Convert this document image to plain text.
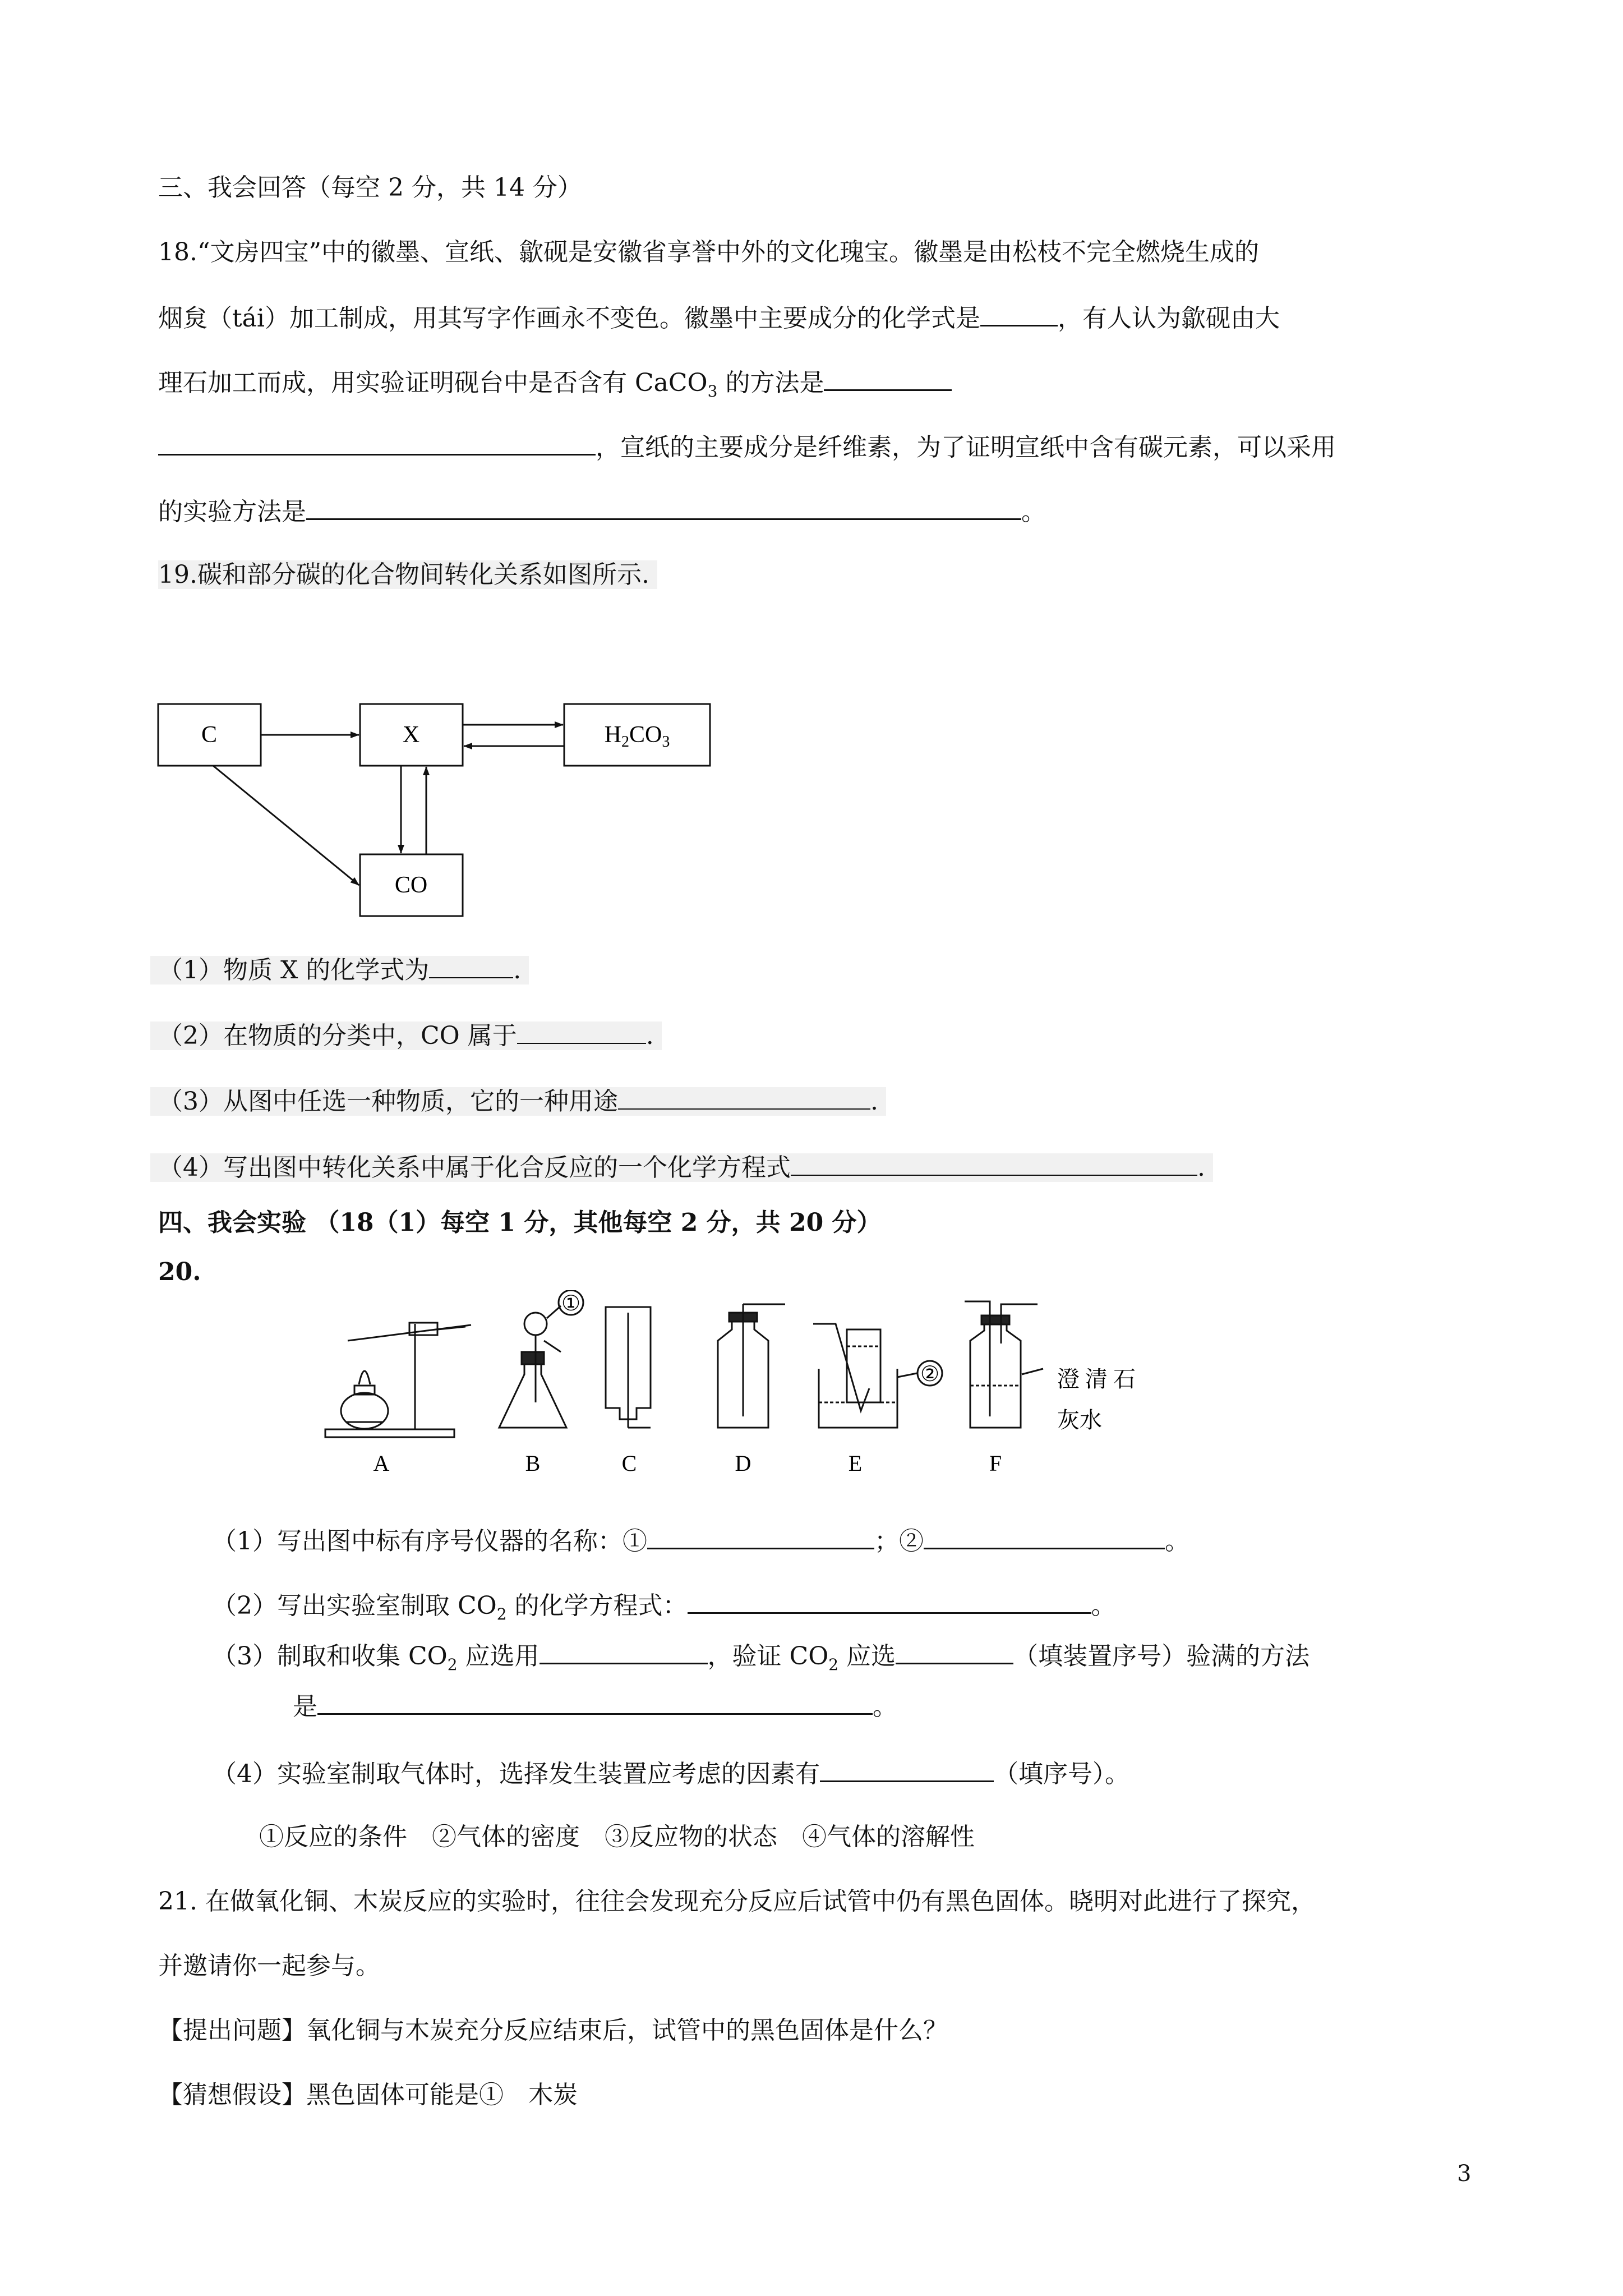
三、我会回答（每空 2 分，共 14 分）
18.“文房四宝”中的徽墨、宣纸、歙砚是安徽省享誉中外的文化瑰宝。徽墨是由松枝不完全燃烧生成的
烟炱（tái）加工制成，用其写字作画永不变色。徽墨中主要成分的化学式是	，有人认为歙砚由大
理石加工而成，用实验证明砚台中是否含有 CaCO$_3$ 的方法是
，宣纸的主要成分是纤维素，为了证明宣纸中含有碳元素，可以采用
的实验方法是	。
19.碳和部分碳的化合物间转化关系如图所示.
C	X	H2CO3
CO
（1）物质 X 的化学式为	.
（2）在物质的分类中，CO 属于	.
（3）从图中任选一种物质，它的一种用途	.
（4）写出图中转化关系中属于化合反应的一个化学方程式	.
四、我会实验 （18（1）每空 1 分，其他每空 2 分，共 20 分）
20.
①
②	澄 清 石
灰水
A	B	C	D	E	F
（1）写出图中标有序号仪器的名称：①	；②	。
（2）写出实验室制取 $CO_2$ 的化学方程式：	。
（3）制取和收集 $CO_2$ 应选用	，验证 $CO_2$ 应选	（填装置序号）验满的方法
是	。
（4）实验室制取气体时，选择发生装置应考虑的因素有	（填序号）。
①反应的条件　②气体的密度　③反应物的状态　④气体的溶解性
21. 在做氧化铜、木炭反应的实验时，往往会发现充分反应后试管中仍有黑色固体。晓明对此进行了探究，
并邀请你一起参与。
【提出问题】氧化铜与木炭充分反应结束后，试管中的黑色固体是什么？
【猜想假设】黑色固体可能是①　木炭
3
